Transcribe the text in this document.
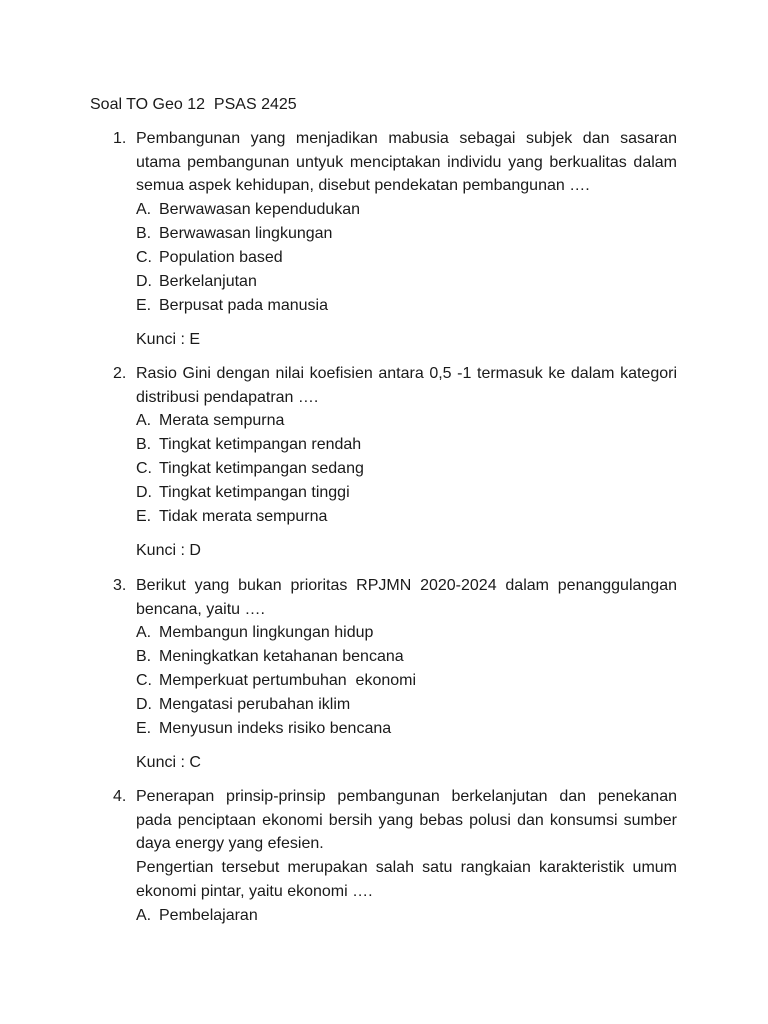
Soal TO Geo 12  PSAS 2425
1. Pembangunan yang menjadikan mabusia sebagai subjek dan sasaran utama pembangunan untyuk menciptakan individu yang berkualitas dalam semua aspek kehidupan, disebut pendekatan pembangunan ….
A. Berwawasan kependudukan
B. Berwawasan lingkungan
C. Population based
D. Berkelanjutan
E. Berpusat pada manusia
Kunci : E
2. Rasio Gini dengan nilai koefisien antara 0,5 -1 termasuk ke dalam kategori distribusi pendapatran ….
A. Merata sempurna
B. Tingkat ketimpangan rendah
C. Tingkat ketimpangan sedang
D. Tingkat ketimpangan tinggi
E. Tidak merata sempurna
Kunci : D
3. Berikut yang bukan prioritas RPJMN 2020-2024 dalam penanggulangan bencana, yaitu ….
A. Membangun lingkungan hidup
B. Meningkatkan ketahanan bencana
C. Memperkuat pertumbuhan  ekonomi
D. Mengatasi perubahan iklim
E. Menyusun indeks risiko bencana
Kunci : C
4. Penerapan prinsip-prinsip pembangunan berkelanjutan dan penekanan pada penciptaan ekonomi bersih yang bebas polusi dan konsumsi sumber daya energy yang efesien.
Pengertian tersebut merupakan salah satu rangkaian karakteristik umum ekonomi pintar, yaitu ekonomi ….
A. Pembelajaran
